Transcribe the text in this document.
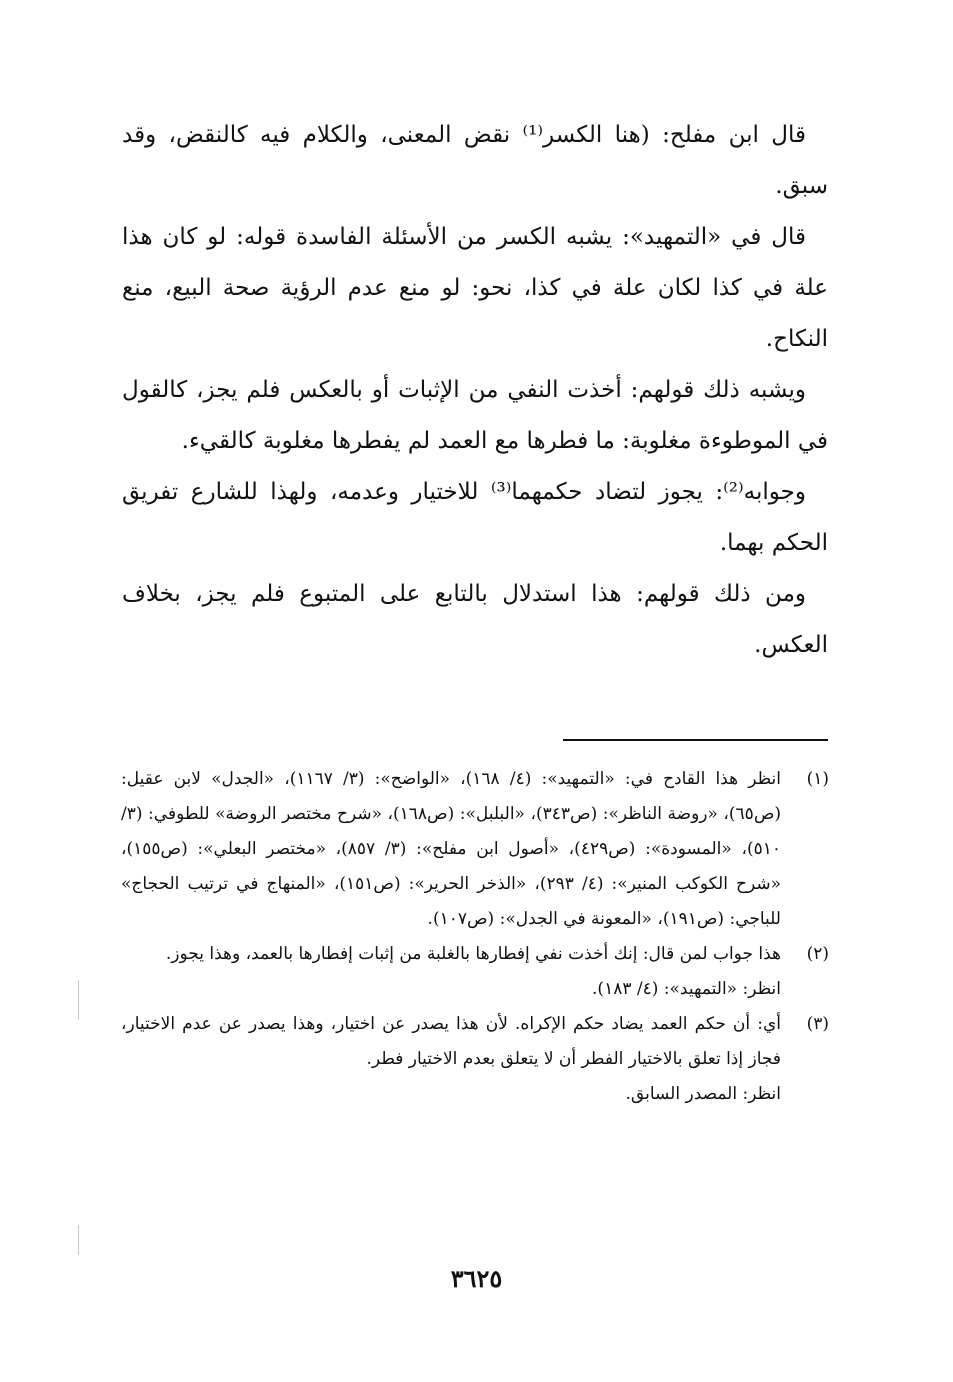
قال ابن مفلح: (هنا الكسر⁽¹⁾ نقض المعنى، والكلام فيه كالنقض، وقد سبق.

قال في «التمهيد»: يشبه الكسر من الأسئلة الفاسدة قوله: لو كان هذا علة في كذا لكان علة في كذا، نحو: لو منع عدم الرؤية صحة البيع، منع النكاح.

ويشبه ذلك قولهم: أخذت النفي من الإثبات أو بالعكس فلم يجز، كالقول في الموطوءة مغلوبة: ما فطرها مع العمد لم يفطرها مغلوبة كالقيء.

وجوابه⁽²⁾: يجوز لتضاد حكمهما⁽³⁾ للاختيار وعدمه، ولهذا للشارع تفريق الحكم بهما.

ومن ذلك قولهم: هذا استدلال بالتابع على المتبوع فلم يجز، بخلاف العكس.

(١)
انظر هذا القادح في: «التمهيد»: (٤/ ١٦٨)، «الواضح»: (٣/ ١١٦٧)، «الجدل» لابن عقيل: (ص٦٥)، «روضة الناظر»: (ص٣٤٣)، «البلبل»: (ص١٦٨)، «شرح مختصر الروضة» للطوفي: (٣/ ٥١٠)، «المسودة»: (ص٤٢٩)، «أصول ابن مفلح»: (٣/ ٨٥٧)، «مختصر البعلي»: (ص١٥٥)، «شرح الكوكب المنير»: (٤/ ٢٩٣)، «الذخر الحرير»: (ص١٥١)، «المنهاج في ترتيب الحجاج» للباجي: (ص١٩١)، «المعونة في الجدل»: (ص١٠٧).
(٢)
هذا جواب لمن قال: إنك أخذت نفي إفطارها بالغلبة من إثبات إفطارها بالعمد، وهذا يجوز.
انظر: «التمهيد»: (٤/ ١٨٣).
(٣)
أي: أن حكم العمد يضاد حكم الإكراه. لأن هذا يصدر عن اختيار، وهذا يصدر عن عدم الاختيار، فجاز إذا تعلق بالاختيار الفطر أن لا يتعلق بعدم الاختيار فطر.
انظر: المصدر السابق.
٣٦٢٥
